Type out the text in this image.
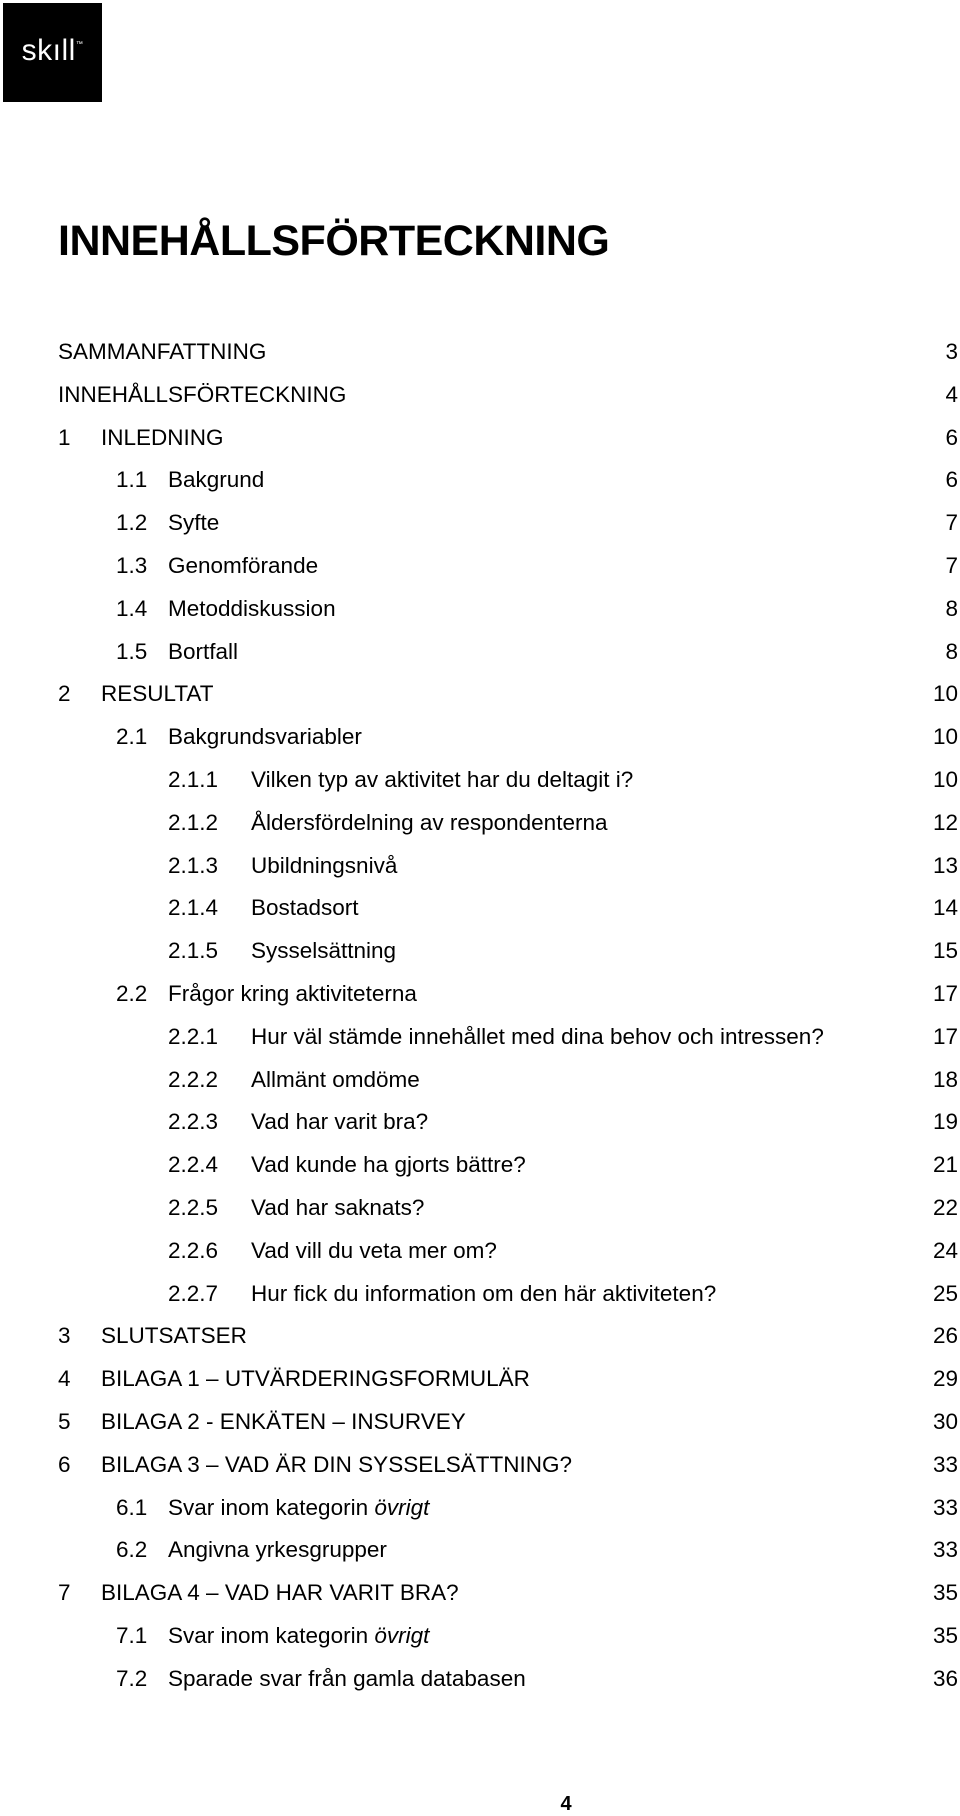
skıll™
INNEHÅLLSFÖRTECKNING
SAMMANFATTNING	3
INNEHÅLLSFÖRTECKNING	4
1 INLEDNING	6
1.1 Bakgrund	6
1.2 Syfte	7
1.3 Genomförande	7
1.4 Metoddiskussion	8
1.5 Bortfall	8
2 RESULTAT	10
2.1 Bakgrundsvariabler	10
2.1.1 Vilken typ av aktivitet har du deltagit i?	10
2.1.2 Åldersfördelning av respondenterna	12
2.1.3 Ubildningsnivå	13
2.1.4 Bostadsort	14
2.1.5 Sysselsättning	15
2.2 Frågor kring aktiviteterna	17
2.2.1 Hur väl stämde innehållet med dina behov och intressen?	17
2.2.2 Allmänt omdöme	18
2.2.3 Vad har varit bra?	19
2.2.4 Vad kunde ha gjorts bättre?	21
2.2.5 Vad har saknats?	22
2.2.6 Vad vill du veta mer om?	24
2.2.7 Hur fick du information om den här aktiviteten?	25
3 SLUTSATSER	26
4 BILAGA 1 – UTVÄRDERINGSFORMULÄR	29
5 BILAGA 2 - ENKÄTEN – INSURVEY	30
6 BILAGA 3 – VAD ÄR DIN SYSSELSÄTTNING?	33
6.1 Svar inom kategorin övrigt	33
6.2 Angivna yrkesgrupper	33
7 BILAGA 4 – VAD HAR VARIT BRA?	35
7.1 Svar inom kategorin övrigt	35
7.2 Sparade svar från gamla databasen	36
4
